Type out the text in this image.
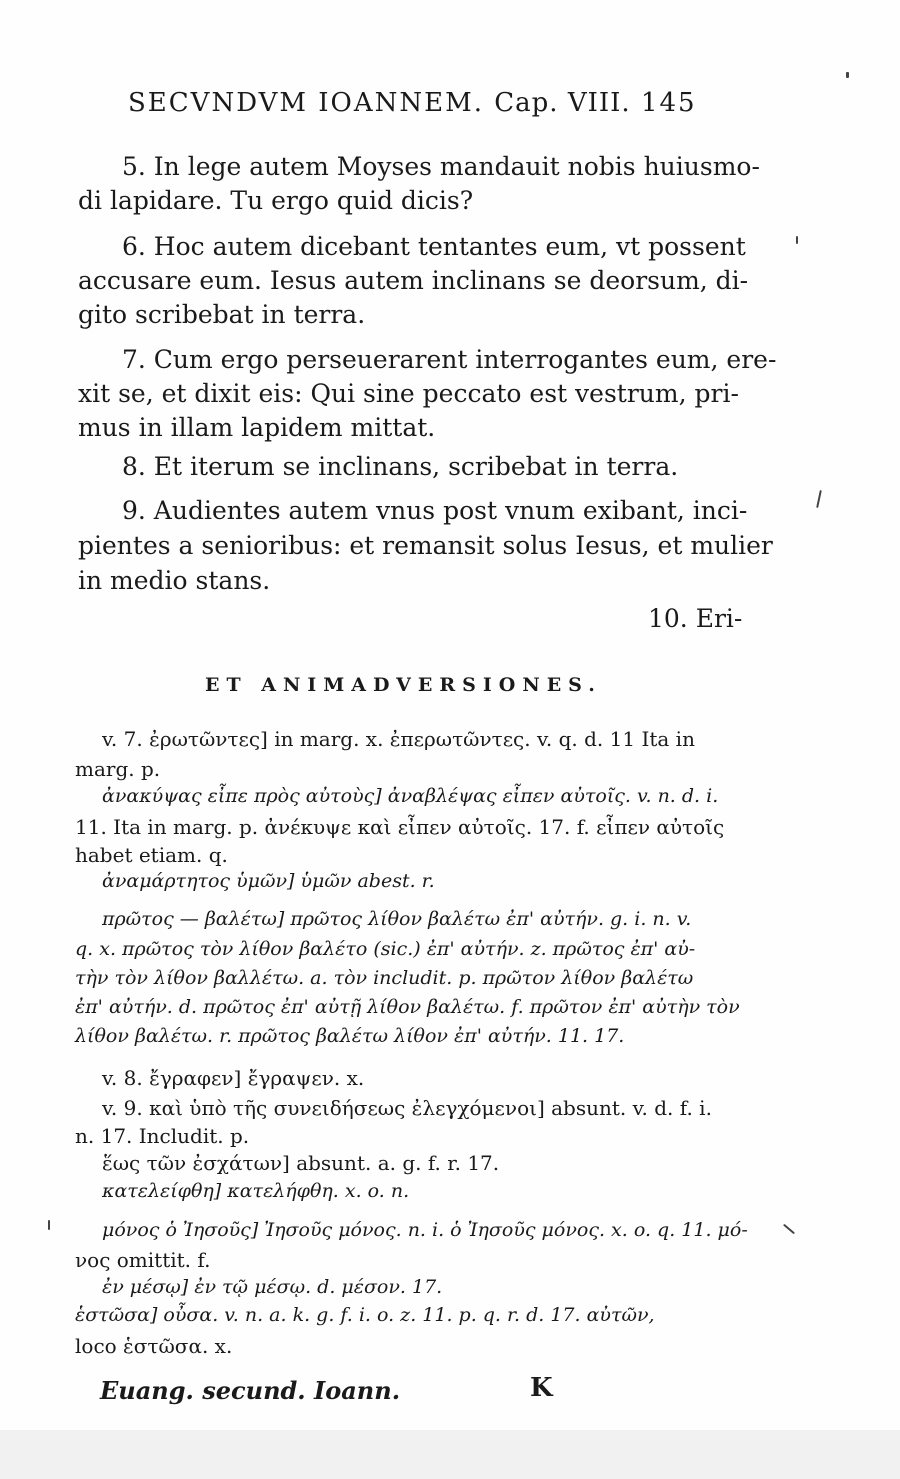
SECVNDVM IOANNEM. Cap. VIII. 145
5. In lege autem Moyses mandauit nobis huiusmo-
di lapidare. Tu ergo quid dicis?
6. Hoc autem dicebant tentantes eum, vt possent
accusare eum. Iesus autem inclinans se deorsum, di-
gito scribebat in terra.
7. Cum ergo perseuerarent interrogantes eum, ere-
xit se, et dixit eis: Qui sine peccato est vestrum, pri-
mus in illam lapidem mittat.
8. Et iterum se inclinans, scribebat in terra.
9. Audientes autem vnus post vnum exibant, inci-
pientes a senioribus: et remansit solus Iesus, et mulier
in medio stans.
10. Eri-
ET ANIMADVERSIONES.
v. 7. ἐρωτῶντες] in marg. x. ἐπερωτῶντες. v. q. d. 11 Ita in
marg. p.
ἀνακύψας εἶπε πρὸς αὐτοὺς] ἀναβλέψας εἶπεν αὐτοῖς. v. n. d. i.
11. Ita in marg. p. ἀνέκυψε καὶ εἶπεν αὐτοῖς. 17. f. εἶπεν αὐτοῖς
habet etiam. q.
ἀναμάρτητος ὑμῶν] ὑμῶν abest. r.
πρῶτος — βαλέτω] πρῶτος λίθον βαλέτω ἐπ' αὐτήν. g. i. n. v.
q. x. πρῶτος τὸν λίθον βαλέτο (sic.) ἐπ' αὐτήν. z. πρῶτος ἐπ' αὐ-
τὴν τὸν λίθον βαλλέτω. a. τὸν includit. p. πρῶτον λίθον βαλέτω
ἐπ' αὐτήν. d. πρῶτος ἐπ' αὐτῇ λίθον βαλέτω. f. πρῶτον ἐπ' αὐτὴν τὸν
λίθον βαλέτω. r. πρῶτος βαλέτω λίθον ἐπ' αὐτήν. 11. 17.
v. 8. ἔγραφεν] ἔγραψεν. x.
v. 9. καὶ ὑπὸ τῆς συνειδήσεως ἐλεγχόμενοι] absunt. v. d. f. i.
n. 17. Includit. p.
ἕως τῶν ἐσχάτων] absunt. a. g. f. r. 17.
κατελείφθη] κατελήφθη. x. o. n.
μόνος ὁ Ἰησοῦς] Ἰησοῦς μόνος. n. i. ὁ Ἰησοῦς μόνος. x. o. q. 11. μό-
νος omittit. f.
ἐν μέσῳ] ἐν τῷ μέσῳ. d. μέσον. 17.
ἑστῶσα] οὖσα. v. n. a. k. g. f. i. o. z. 11. p. q. r. d. 17. αὐτῶν,
loco ἑστῶσα. x.
Euang. secund. Ioann.	K
